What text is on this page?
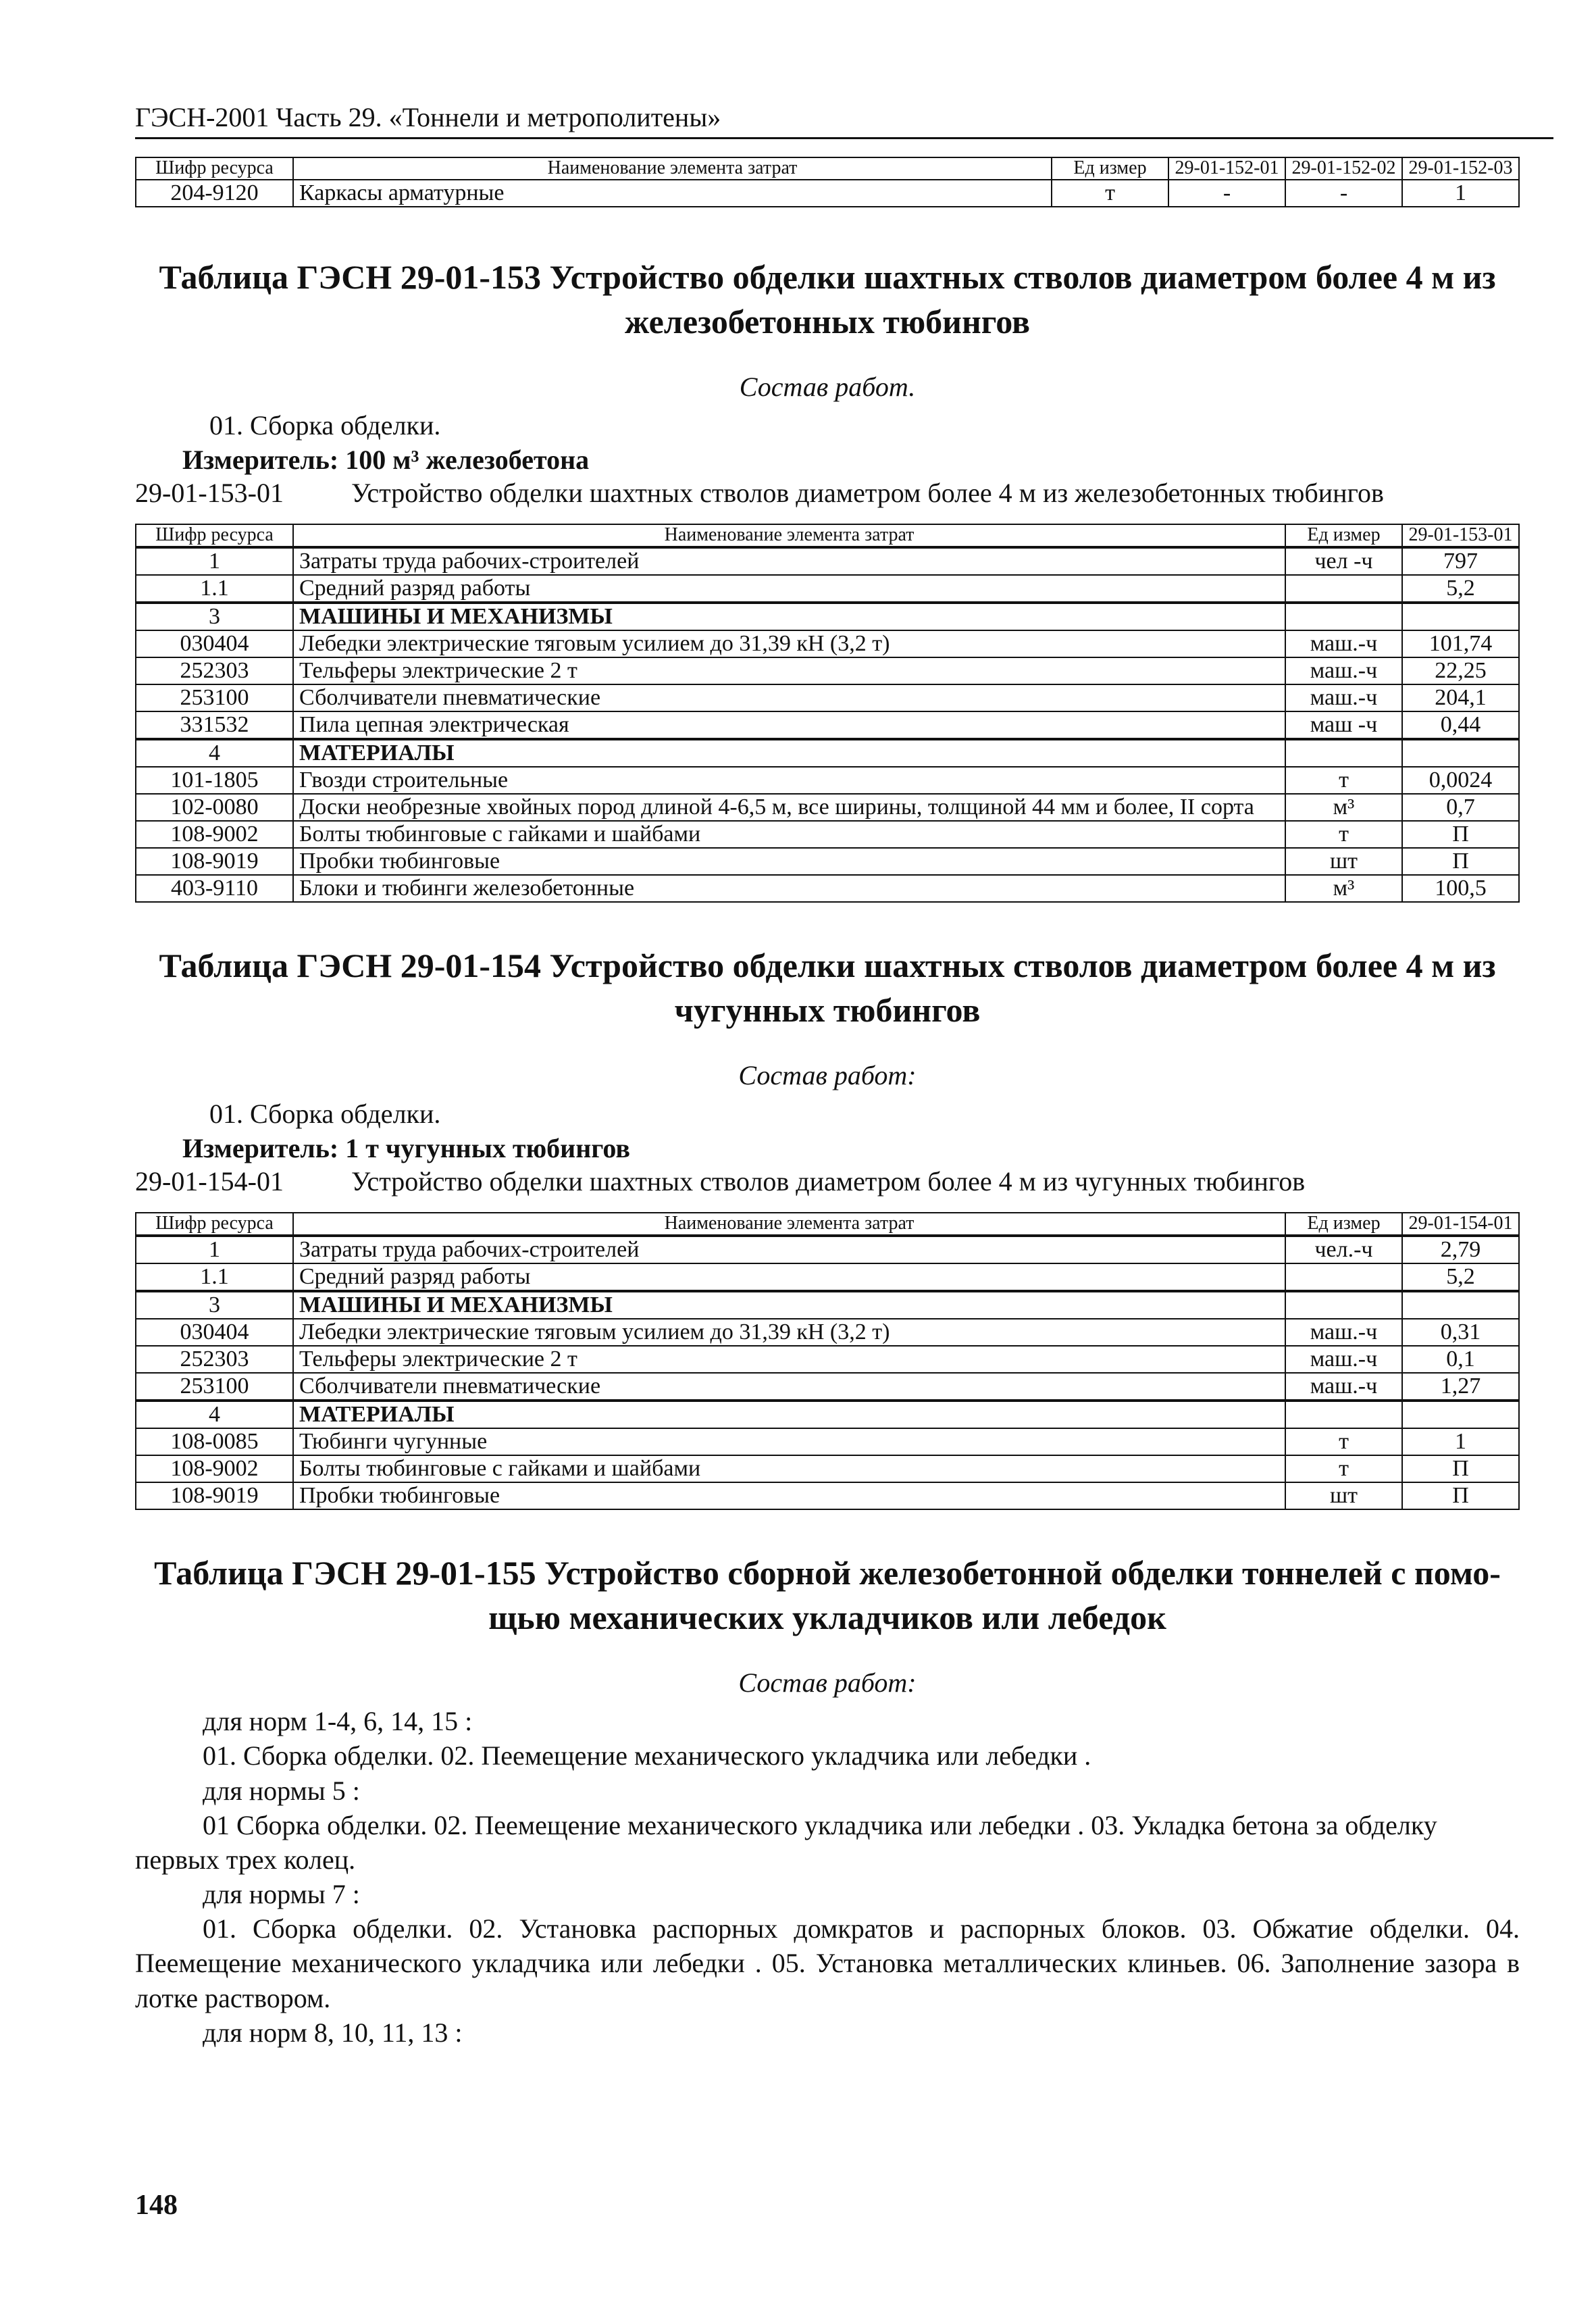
ГЭСН-2001 Часть 29. «Тоннели и метрополитены»
Шифр ресурса	Наименование элемента затрат	Ед измер	29-01-152-01	29-01-152-02	29-01-152-03
204-9120	Каркасы арматурные	т	-	-	1
Таблица ГЭСН 29-01-153 Устройство обделки шахтных стволов диаметром более 4 м из
железобетонных тюбингов
Состав работ.
01. Сборка обделки.
Измеритель: 100 м³ железобетона
29-01-153-01	Устройство обделки шахтных стволов диаметром более 4 м из железобетонных тюбингов
Шифр ресурса	Наименование элемента затрат	Ед измер	29-01-153-01
1	Затраты труда рабочих-строителей	чел -ч	797
1.1	Средний разряд работы		5,2
3	МАШИНЫ И МЕХАНИЗМЫ		
030404	Лебедки электрические тяговым усилием до 31,39 кН (3,2 т)	маш.-ч	101,74
252303	Тельферы электрические 2 т	маш.-ч	22,25
253100	Сболчиватели пневматические	маш.-ч	204,1
331532	Пила цепная электрическая	маш -ч	0,44
4	МАТЕРИАЛЫ		
101-1805	Гвозди строительные	т	0,0024
102-0080	Доски необрезные хвойных пород длиной 4-6,5 м, все ширины, толщиной 44 мм и более, II сорта	м³	0,7
108-9002	Болты тюбинговые с гайками и шайбами	т	П
108-9019	Пробки тюбинговые	шт	П
403-9110	Блоки и тюбинги железобетонные	м³	100,5
Таблица ГЭСН 29-01-154 Устройство обделки шахтных стволов диаметром более 4 м из
чугунных тюбингов
Состав работ:
01. Сборка обделки.
Измеритель: 1 т чугунных тюбингов
29-01-154-01	Устройство обделки шахтных стволов диаметром более 4 м из чугунных тюбингов
Шифр ресурса	Наименование элемента затрат	Ед измер	29-01-154-01
1	Затраты труда рабочих-строителей	чел.-ч	2,79
1.1	Средний разряд работы		5,2
3	МАШИНЫ И МЕХАНИЗМЫ		
030404	Лебедки электрические тяговым усилием до 31,39 кН (3,2 т)	маш.-ч	0,31
252303	Тельферы электрические 2 т	маш.-ч	0,1
253100	Сболчиватели пневматические	маш.-ч	1,27
4	МАТЕРИАЛЫ		
108-0085	Тюбинги чугунные	т	1
108-9002	Болты тюбинговые с гайками и шайбами	т	П
108-9019	Пробки тюбинговые	шт	П
Таблица ГЭСН 29-01-155 Устройство сборной железобетонной обделки тоннелей с помо-
щью механических укладчиков или лебедок
Состав работ:
для норм 1-4, 6, 14, 15 :
01. Сборка обделки. 02. Пеемещение механического укладчика или лебедки .
для нормы 5 :
01 Сборка обделки. 02. Пеемещение механического укладчика или лебедки . 03. Укладка бетона за обделку первых трех колец.
для нормы 7 :
01. Сборка обделки. 02. Установка распорных домкратов и распорных блоков. 03. Обжатие обделки. 04. Пеемещение механического укладчика или лебедки . 05. Установка металлических клиньев. 06. Заполнение зазора в лотке раствором.
для норм 8, 10, 11, 13 :
148
